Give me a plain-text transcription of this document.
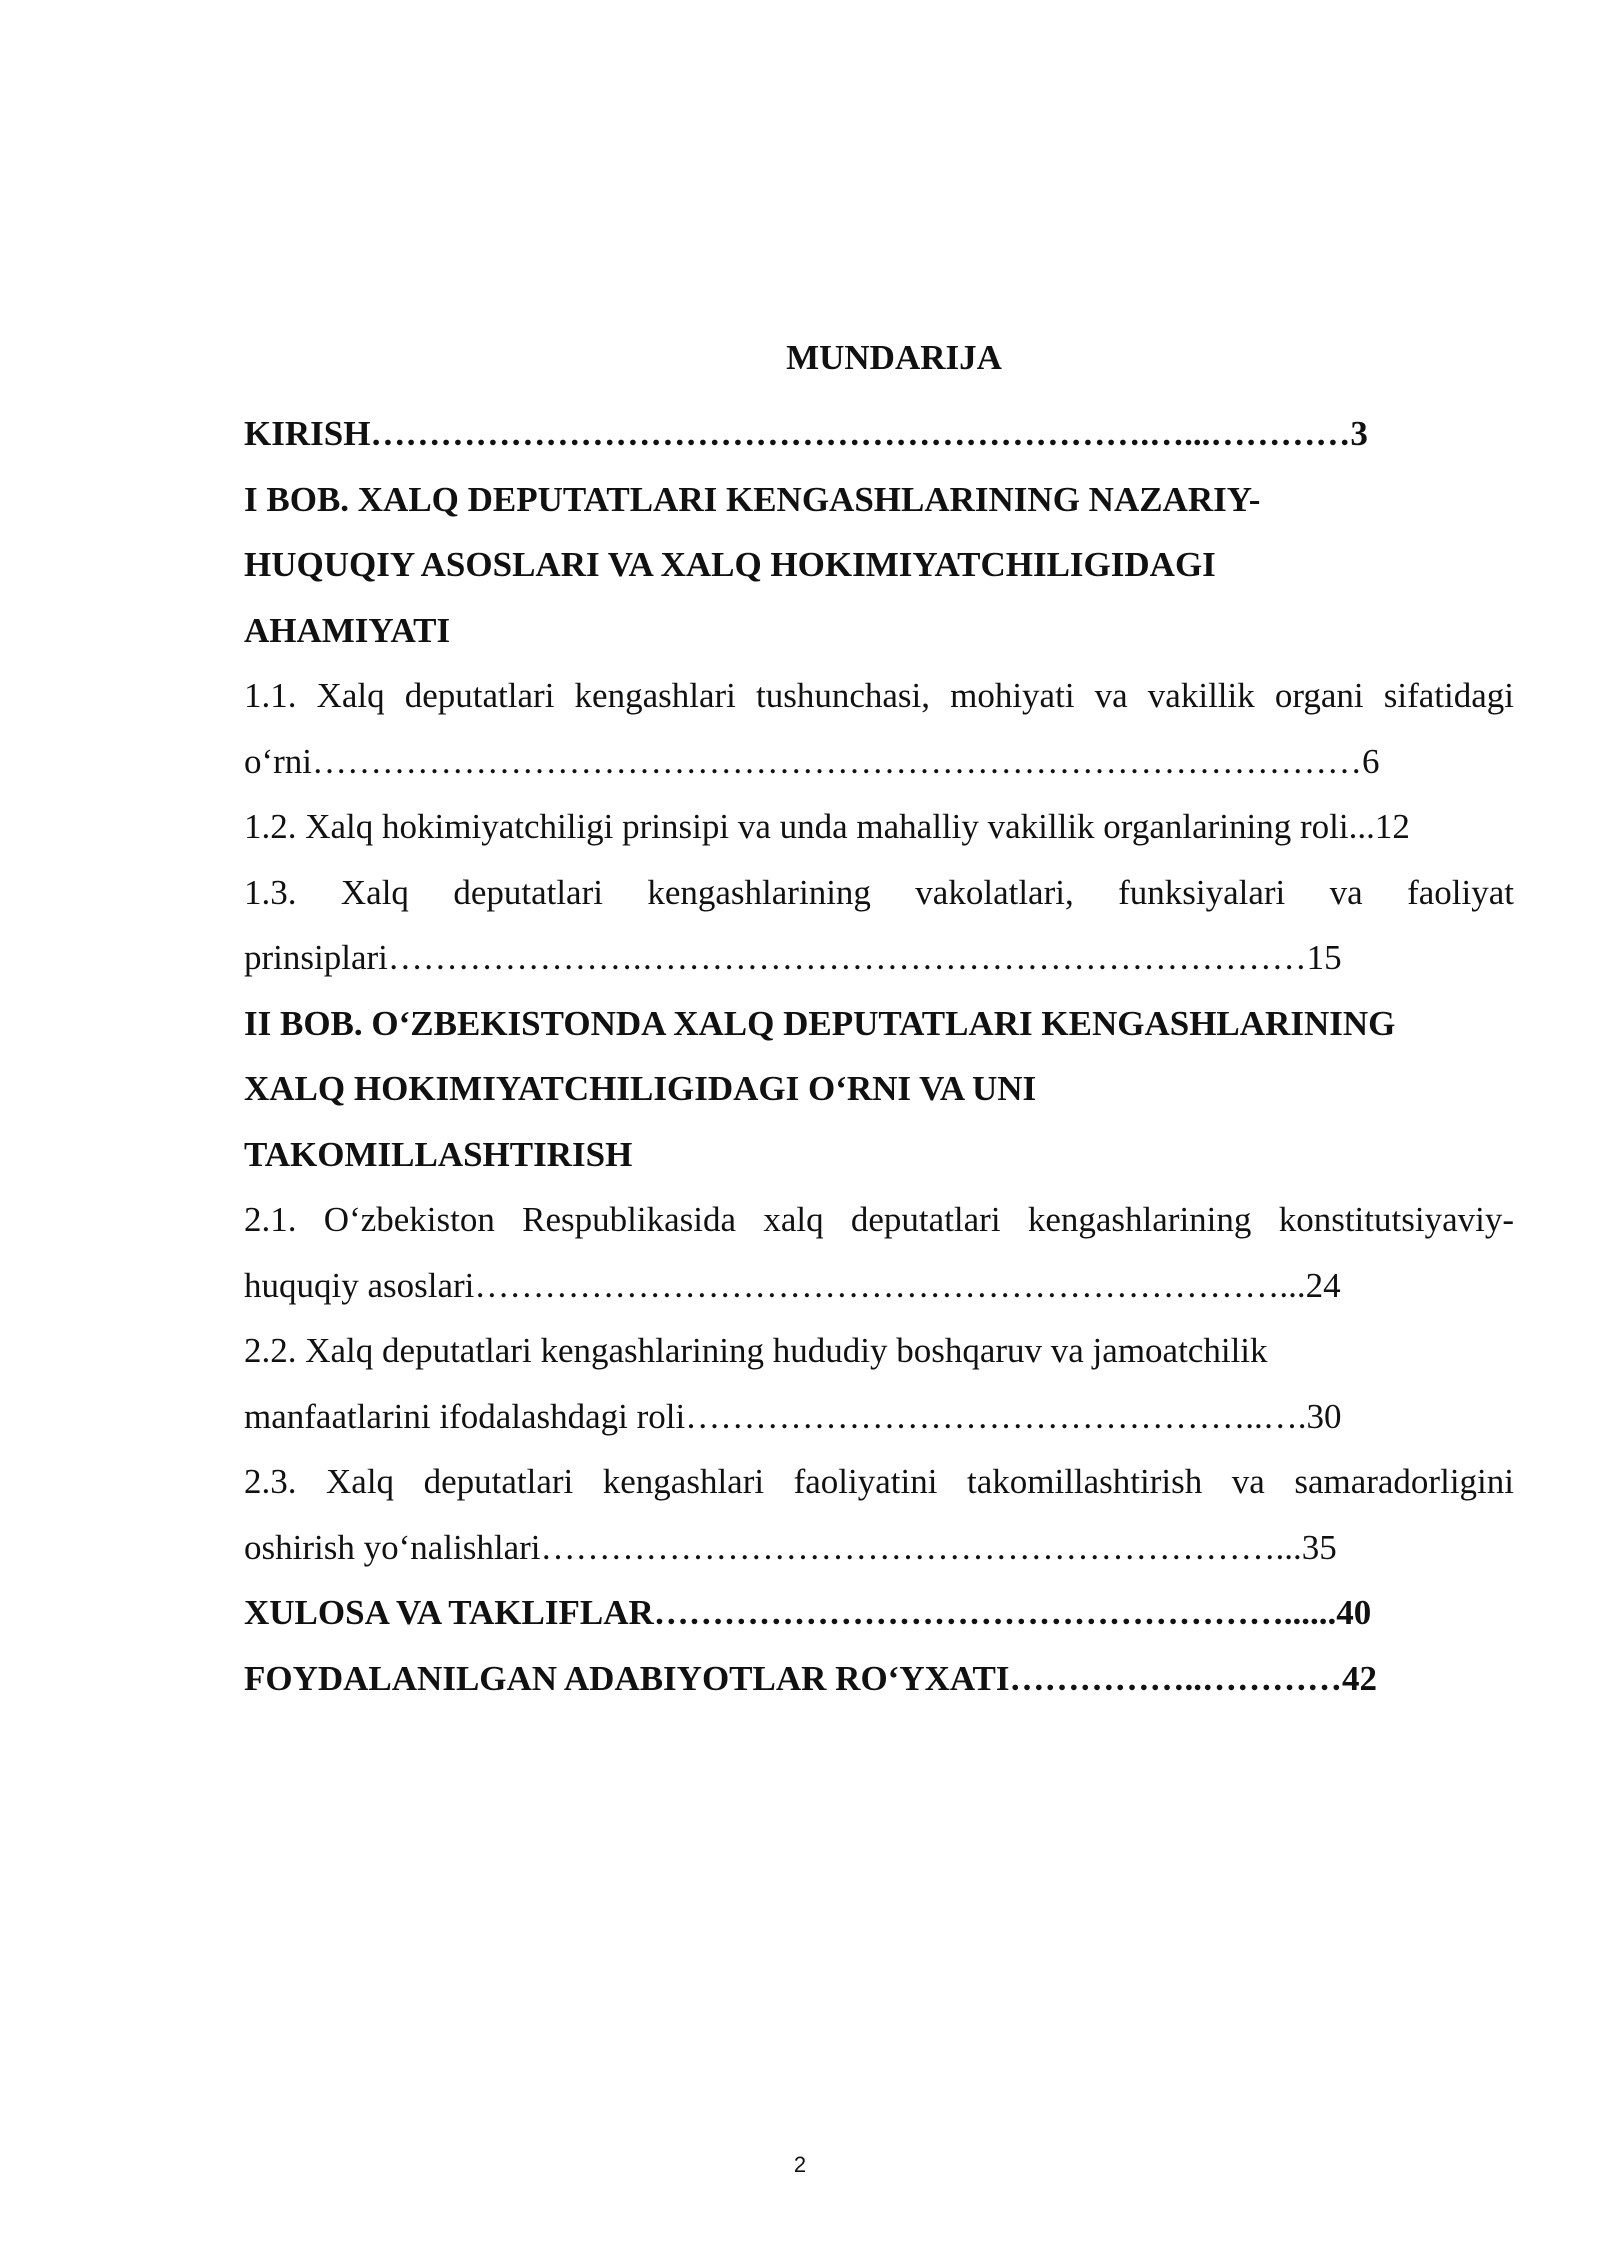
MUNDARIJA
KIRISH………………………………………………………….…...…………3
I BOB. XALQ DEPUTATLARI KENGASHLARINING NAZARIY-
HUQUQIY ASOSLARI VA XALQ HOKIMIYATCHILIGIDAGI
AHAMIYATI
1.1. Xalq deputatlari kengashlari tushunchasi, mohiyati va vakillik organi sifatidagi
o‘rni………………………………………………………………………………6
1.2. Xalq hokimiyatchiligi prinsipi va unda mahalliy vakillik organlarining roli...12
1.3. Xalq deputatlari kengashlarining vakolatlari, funksiyalari va faoliyat
prinsiplari………………….…………………………………………………15
II BOB. O‘ZBEKISTONDA XALQ DEPUTATLARI KENGASHLARINING
XALQ HOKIMIYATCHILIGIDAGI O‘RNI VA UNI
TAKOMILLASHTIRISH
2.1. O‘zbekiston Respublikasida xalq deputatlari kengashlarining konstitutsiyaviy-
huquqiy asoslari……………………………………………………………...24
2.2. Xalq deputatlari kengashlarining hududiy boshqaruv va jamoatchilik
manfaatlarini ifodalashdagi roli…………………………………………..….30
2.3. Xalq deputatlari kengashlari faoliyatini takomillashtirish va samaradorligini
oshirish yo‘nalishlari………………………………………………………...35
XULOSA VA TAKLIFLAR………………………………………………......40
FOYDALANILGAN ADABIYOTLAR RO‘YXATI……………..…………42
2
